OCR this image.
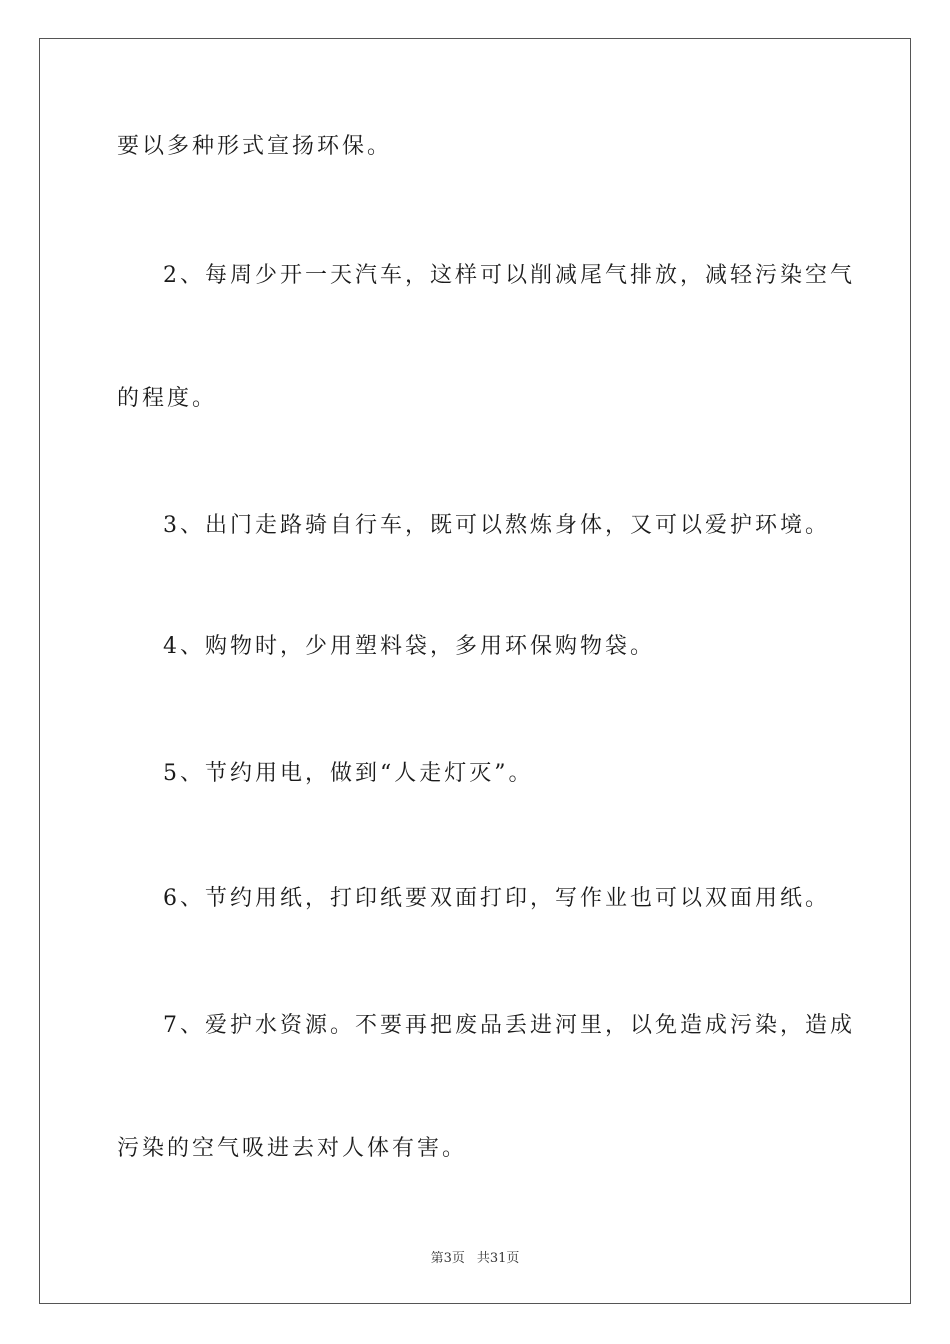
要以多种形式宣扬环保。
2、每周少开一天汽车，这样可以削减尾气排放，减轻污染空气
的程度。
3、出门走路骑自行车，既可以熬炼身体，又可以爱护环境。
4、购物时，少用塑料袋，多用环保购物袋。
5、节约用电，做到“人走灯灭”。
6、节约用纸，打印纸要双面打印，写作业也可以双面用纸。
7、爱护水资源。不要再把废品丢进河里，以免造成污染，造成
污染的空气吸进去对人体有害。
第3页 共31页
